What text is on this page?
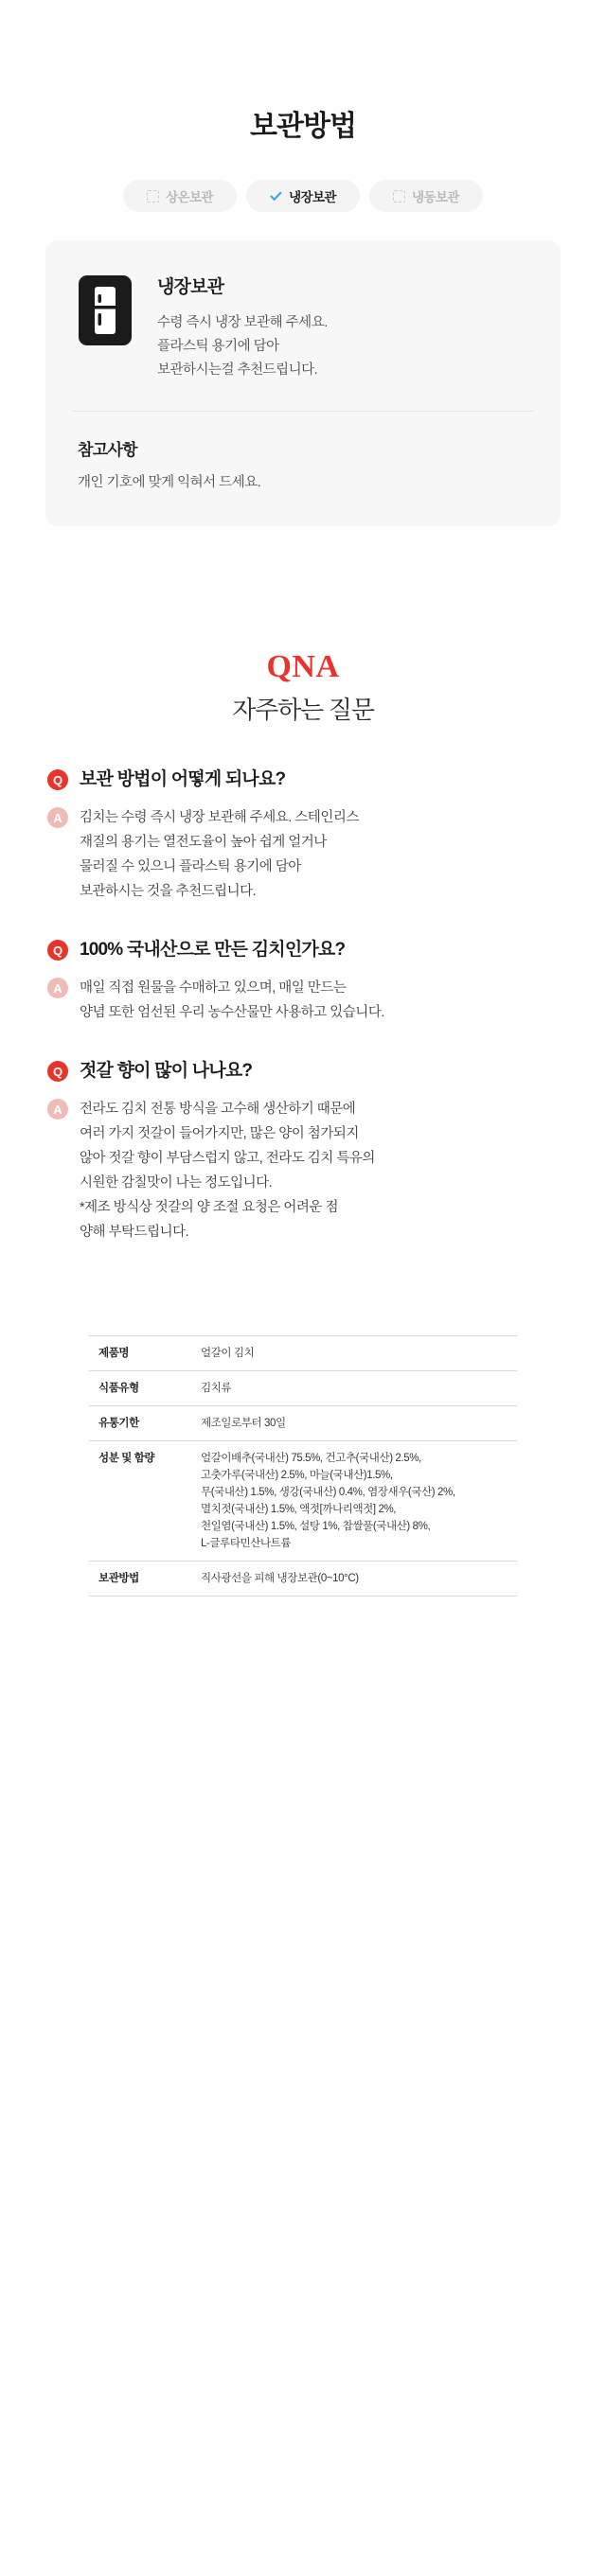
보관방법
상온보관	냉장보관	냉동보관
냉장보관
수령 즉시 냉장 보관해 주세요.
플라스틱 용기에 담아
보관하시는걸 추천드립니다.
참고사항
개인 기호에 맞게 익혀서 드세요.
QNA
자주하는 질문
Q 보관 방법이 어떻게 되나요?
A	김치는 수령 즉시 냉장 보관해 주세요. 스테인리스
재질의 용기는 열전도율이 높아 쉽게 얼거나
물러질 수 있으니 플라스틱 용기에 담아
보관하시는 것을 추천드립니다.
Q 100% 국내산으로 만든 김치인가요?
A	매일 직접 원물을 수매하고 있으며, 매일 만드는
양념 또한 엄선된 우리 농수산물만 사용하고 있습니다.
Q 젓갈 향이 많이 나나요?
A	전라도 김치 전통 방식을 고수해 생산하기 때문에
여러 가지 젓갈이 들어가지만, 많은 양이 첨가되지
않아 젓갈 향이 부담스럽지 않고, 전라도 김치 특유의
시원한 감칠맛이 나는 정도입니다.
*제조 방식상 젓갈의 양 조절 요청은 어려운 점
양해 부탁드립니다.
제품명	얼갈이 김치
식품유형	김치류
유통기한	제조일로부터 30일
성분 및 함량	얼갈이배추(국내산) 75.5%, 건고추(국내산) 2.5%,
고춧가루(국내산) 2.5%, 마늘(국내산)1.5%,
무(국내산) 1.5%, 생강(국내산) 0.4%, 염장새우(국산) 2%,
멸치젓(국내산) 1.5%, 액젓[까나리액젓] 2%,
천일염(국내산) 1.5%, 설탕 1%, 찹쌀풀(국내산) 8%,
L-글루타민산나트륨

보관방법	직사광선을 피해 냉장보관(0~10°C)
